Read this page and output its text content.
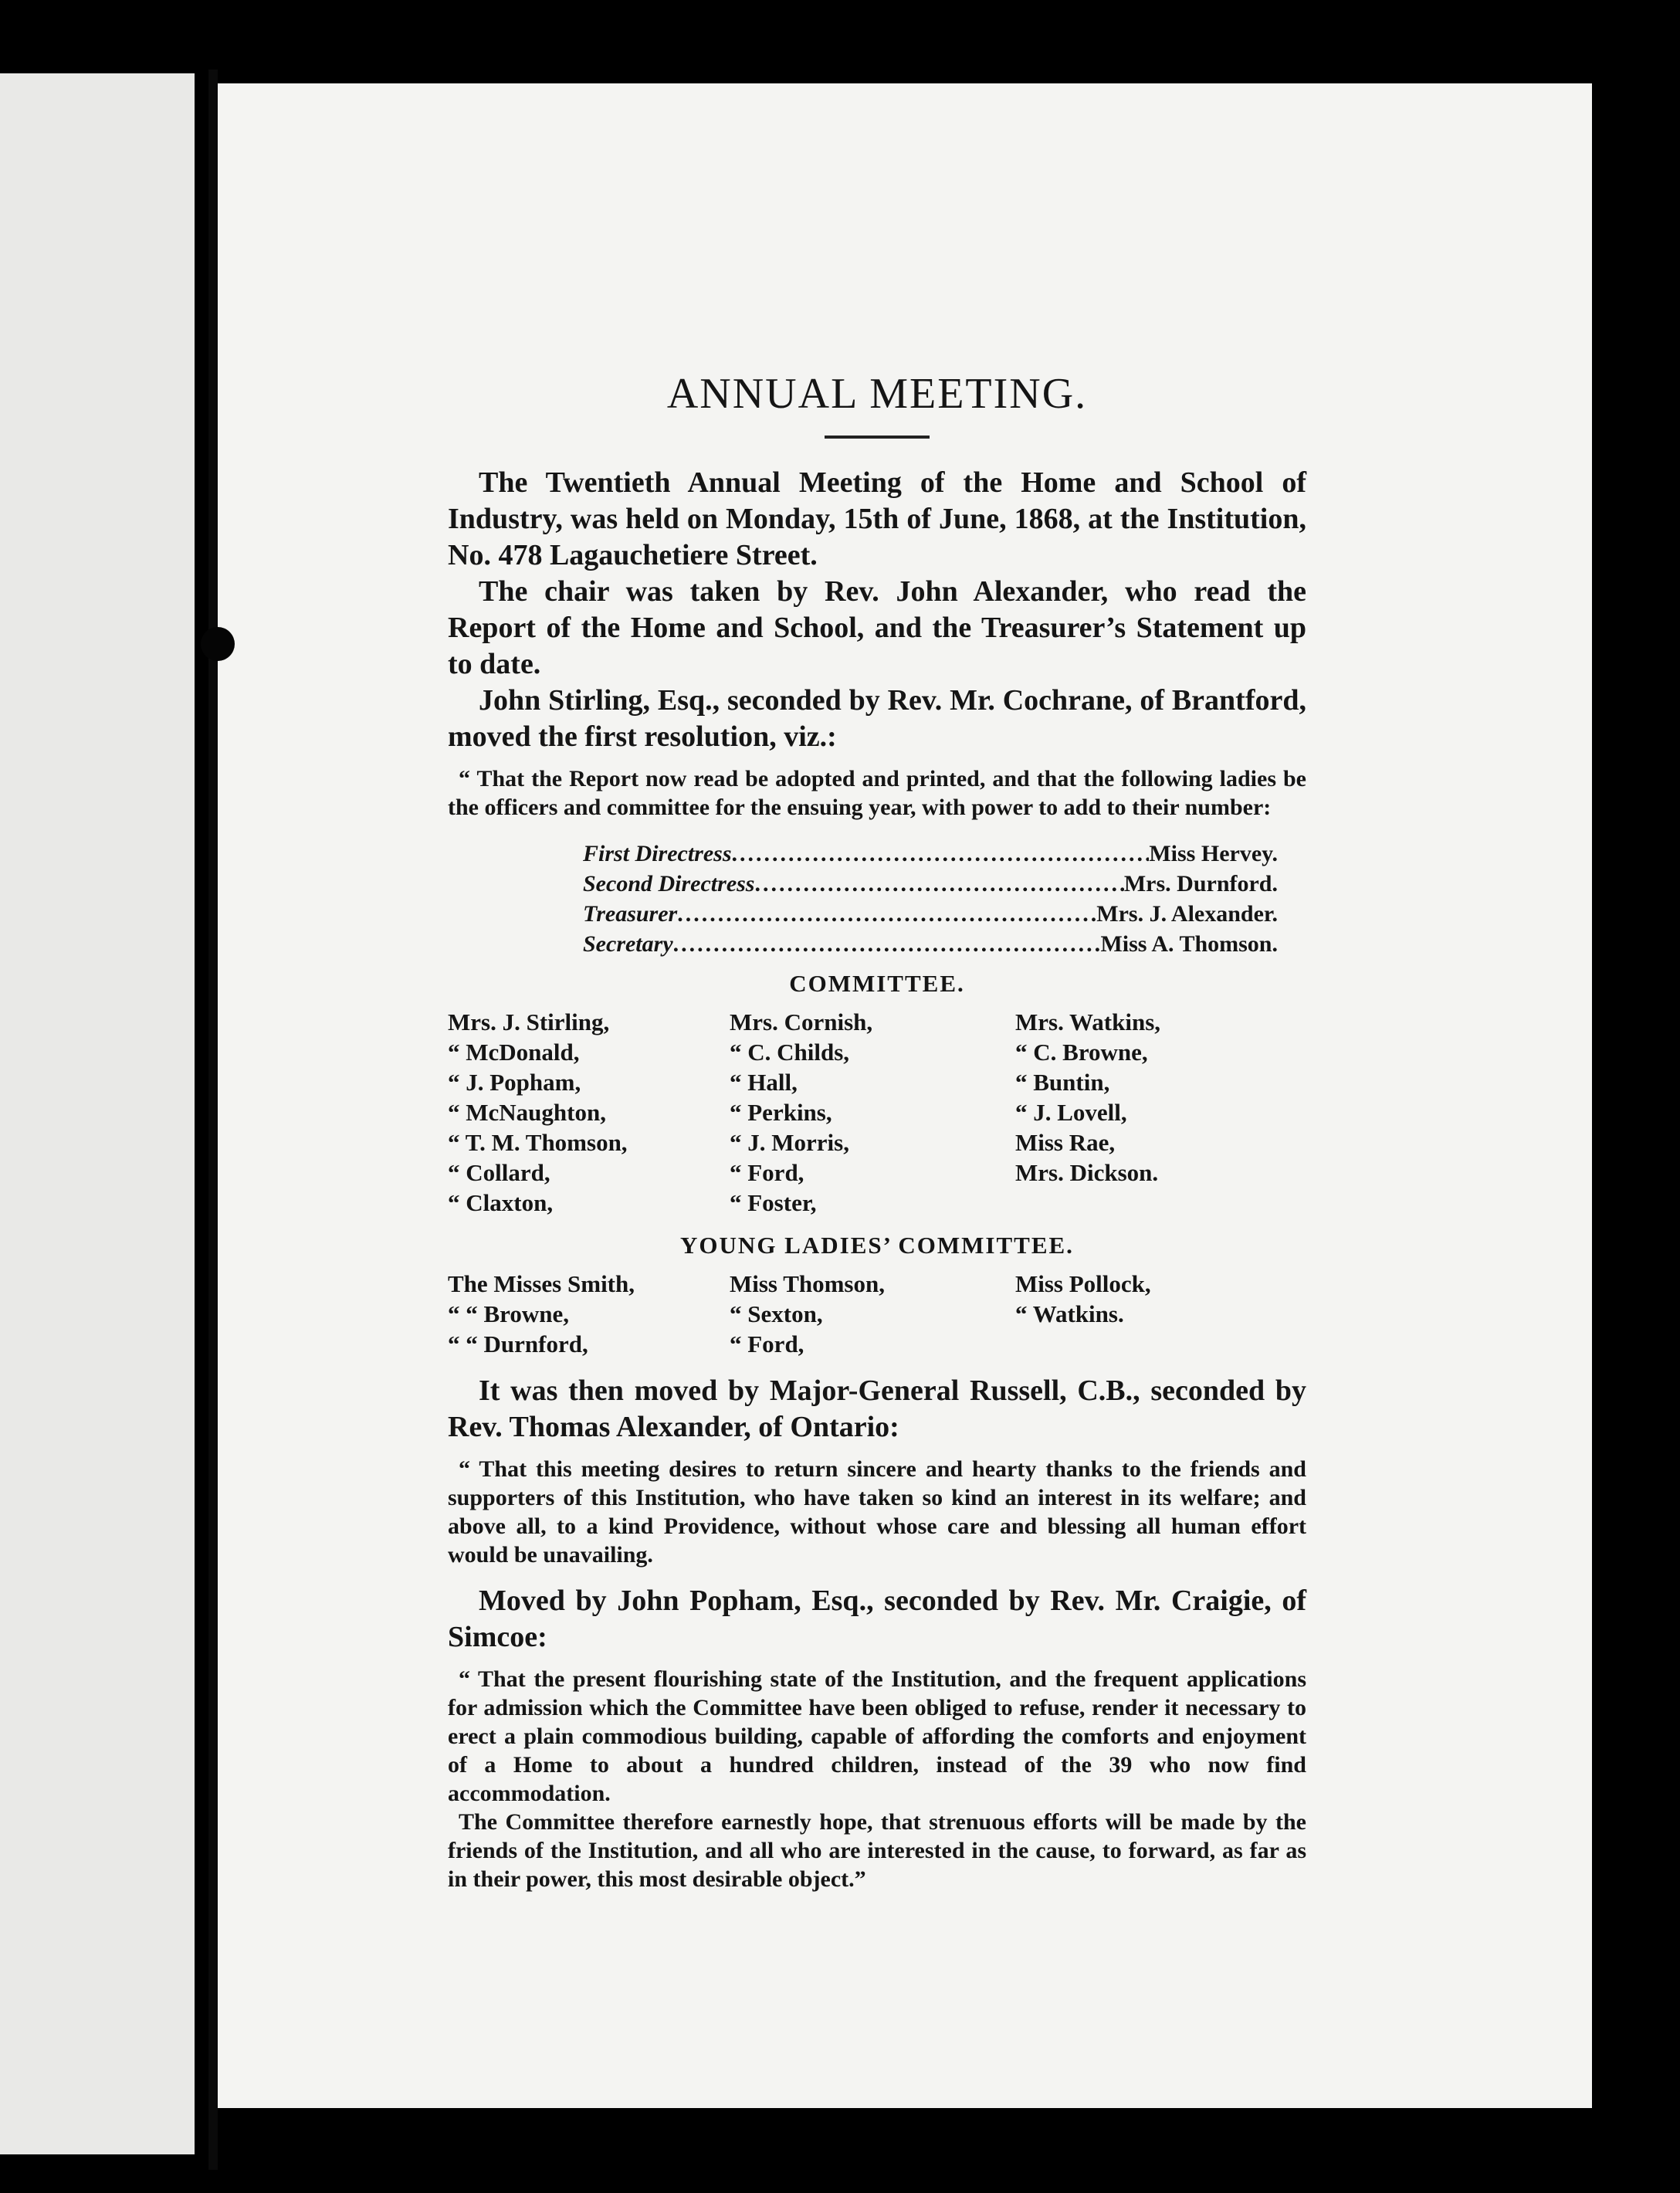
ANNUAL MEETING.

The Twentieth Annual Meeting of the Home and School of Industry, was held on Monday, 15th of June, 1868, at the Institution, No. 478 Lagauchetiere Street.

The chair was taken by Rev. John Alexander, who read the Report of the Home and School, and the Treasurer’s Statement up to date.

John Stirling, Esq., seconded by Rev. Mr. Cochrane, of Brantford, moved the first resolution, viz.:

“ That the Report now read be adopted and printed, and that the following ladies be the officers and committee for the ensuing year, with power to add to their number:

First Directress .....	Miss Hervey.
Second Directress .....	Mrs. Durnford.
Treasurer .....	Mrs. J. Alexander.
Secretary .....	Miss A. Thomson.
COMMITTEE.
Mrs. J. Stirling,	Mrs. Cornish,	Mrs. Watkins,
“ McDonald,	“ C. Childs,	“ C. Browne,
“ J. Popham,	“ Hall,	“ Buntin,
“ McNaughton,	“ Perkins,	“ J. Lovell,
“ T. M. Thomson,	“ J. Morris,	Miss Rae,
“ Collard,	“ Ford,	Mrs. Dickson.
“ Claxton,	“ Foster,
YOUNG LADIES’ COMMITTEE.
The Misses Smith,	Miss Thomson,	Miss Pollock,
“ “ Browne,	“ Sexton,	“ Watkins.
“ “ Durnford,	“ Ford,

It was then moved by Major-General Russell, C.B., seconded by Rev. Thomas Alexander, of Ontario:

“ That this meeting desires to return sincere and hearty thanks to the friends and supporters of this Institution, who have taken so kind an interest in its welfare; and above all, to a kind Providence, without whose care and blessing all human effort would be unavailing.

Moved by John Popham, Esq., seconded by Rev. Mr. Craigie, of Simcoe:

“ That the present flourishing state of the Institution, and the frequent applications for admission which the Committee have been obliged to refuse, render it necessary to erect a plain commodious building, capable of affording the comforts and enjoyment of a Home to about a hundred children, instead of the 39 who now find accommodation.

The Committee therefore earnestly hope, that strenuous efforts will be made by the friends of the Institution, and all who are interested in the cause, to forward, as far as in their power, this most desirable object.”
